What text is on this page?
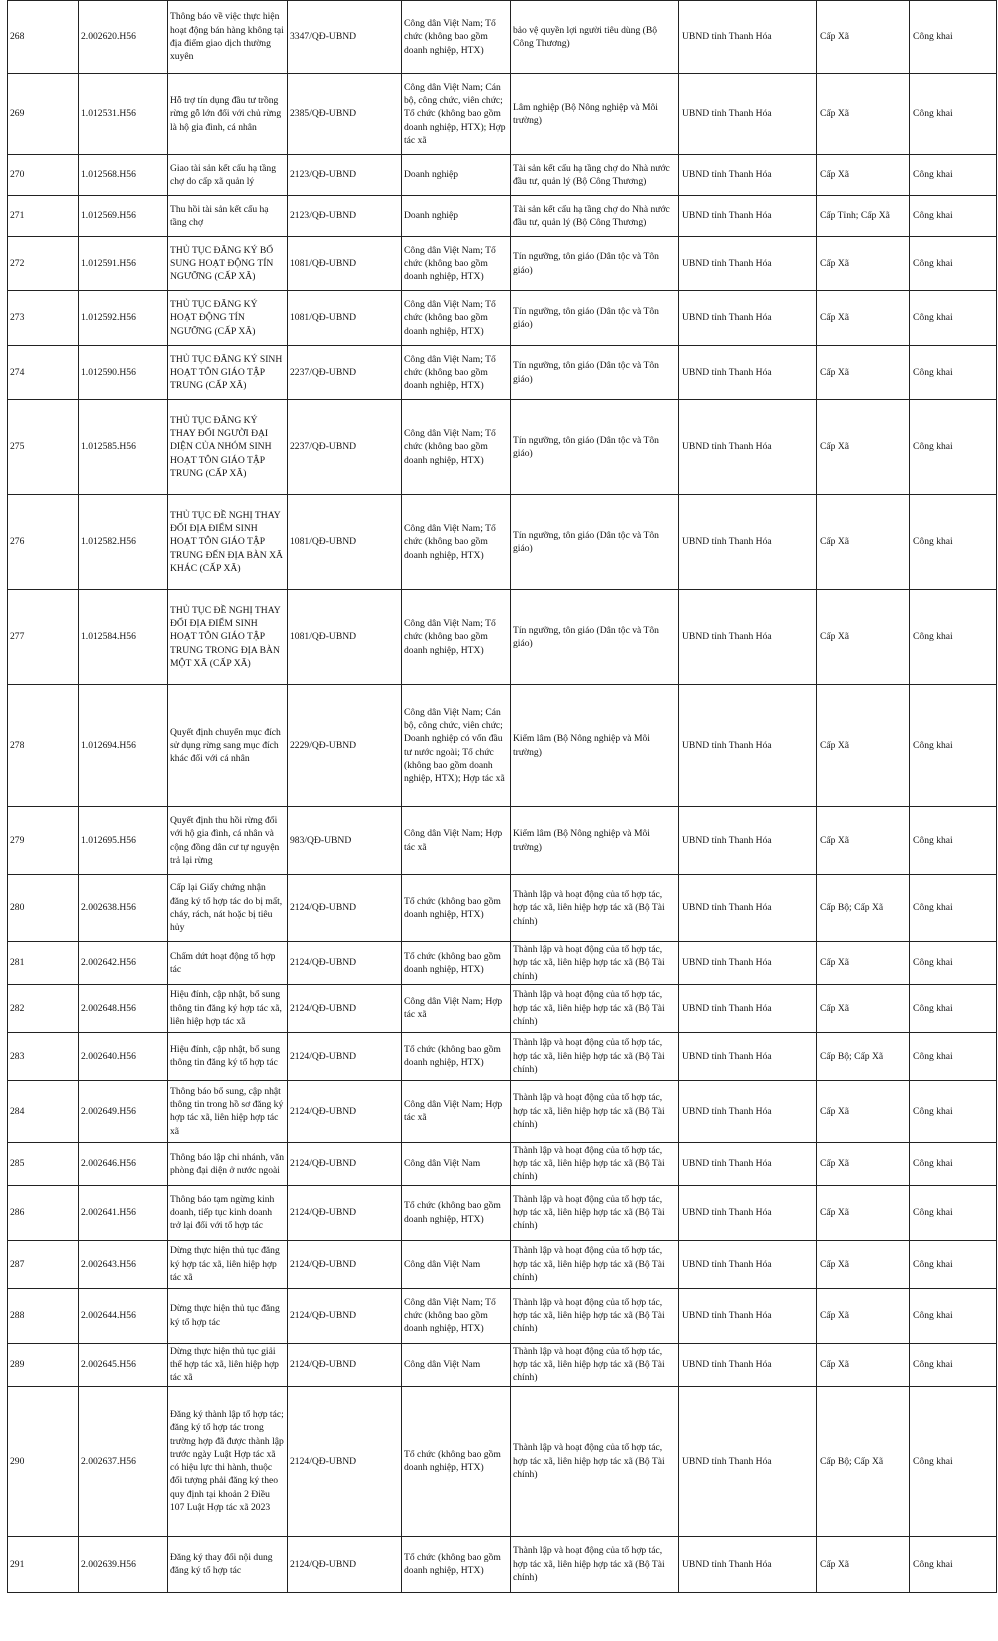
268	2.002620.H56	Thông báo về việc thực hiện hoạt động bán hàng không tại địa điểm giao dịch thường xuyên	3347/QĐ-UBND	Công dân Việt Nam; Tổ chức (không bao gồm doanh nghiệp, HTX)	bảo vệ quyền lợi người tiêu dùng (Bộ Công Thương)	UBND tỉnh Thanh Hóa	Cấp Xã	Công khai
269	1.012531.H56	Hỗ trợ tín dụng đầu tư trồng rừng gỗ lớn đối với chủ rừng là hộ gia đình, cá nhân	2385/QĐ-UBND	Công dân Việt Nam; Cán bộ, công chức, viên chức; Tổ chức (không bao gồm doanh nghiệp, HTX); Hợp tác xã	Lâm nghiệp (Bộ Nông nghiệp và Môi trường)	UBND tỉnh Thanh Hóa	Cấp Xã	Công khai
270	1.012568.H56	Giao tài sản kết cấu hạ tầng chợ do cấp xã quản lý	2123/QĐ-UBND	Doanh nghiệp	Tài sản kết cấu hạ tầng chợ do Nhà nước đầu tư, quản lý (Bộ Công Thương)	UBND tỉnh Thanh Hóa	Cấp Xã	Công khai
271	1.012569.H56	Thu hồi tài sản kết cấu hạ tầng chợ	2123/QĐ-UBND	Doanh nghiệp	Tài sản kết cấu hạ tầng chợ do Nhà nước đầu tư, quản lý (Bộ Công Thương)	UBND tỉnh Thanh Hóa	Cấp Tỉnh; Cấp Xã	Công khai
272	1.012591.H56	THỦ TỤC ĐĂNG KÝ BỔ SUNG HOẠT ĐỘNG TÍN NGƯỠNG (CẤP XÃ)	1081/QĐ-UBND	Công dân Việt Nam; Tổ chức (không bao gồm doanh nghiệp, HTX)	Tín ngưỡng, tôn giáo (Dân tộc và Tôn giáo)	UBND tỉnh Thanh Hóa	Cấp Xã	Công khai
273	1.012592.H56	THỦ TỤC ĐĂNG KÝ HOẠT ĐỘNG TÍN NGƯỠNG (CẤP XÃ)	1081/QĐ-UBND	Công dân Việt Nam; Tổ chức (không bao gồm doanh nghiệp, HTX)	Tín ngưỡng, tôn giáo (Dân tộc và Tôn giáo)	UBND tỉnh Thanh Hóa	Cấp Xã	Công khai
274	1.012590.H56	THỦ TỤC ĐĂNG KÝ SINH HOẠT TÔN GIÁO TẬP TRUNG (CẤP XÃ)	2237/QĐ-UBND	Công dân Việt Nam; Tổ chức (không bao gồm doanh nghiệp, HTX)	Tín ngưỡng, tôn giáo (Dân tộc và Tôn giáo)	UBND tỉnh Thanh Hóa	Cấp Xã	Công khai
275	1.012585.H56	THỦ TỤC ĐĂNG KÝ THAY ĐỔI NGƯỜI ĐẠI DIỆN CỦA NHÓM SINH HOẠT TÔN GIÁO TẬP TRUNG (CẤP XÃ)	2237/QĐ-UBND	Công dân Việt Nam; Tổ chức (không bao gồm doanh nghiệp, HTX)	Tín ngưỡng, tôn giáo (Dân tộc và Tôn giáo)	UBND tỉnh Thanh Hóa	Cấp Xã	Công khai
276	1.012582.H56	THỦ TỤC ĐỀ NGHỊ THAY ĐỔI ĐỊA ĐIỂM SINH HOẠT TÔN GIÁO TẬP TRUNG ĐẾN ĐỊA BÀN XÃ KHÁC (CẤP XÃ)	1081/QĐ-UBND	Công dân Việt Nam; Tổ chức (không bao gồm doanh nghiệp, HTX)	Tín ngưỡng, tôn giáo (Dân tộc và Tôn giáo)	UBND tỉnh Thanh Hóa	Cấp Xã	Công khai
277	1.012584.H56	THỦ TỤC ĐỀ NGHỊ THAY ĐỔI ĐỊA ĐIỂM SINH HOẠT TÔN GIÁO TẬP TRUNG TRONG ĐỊA BÀN MỘT XÃ (CẤP XÃ)	1081/QĐ-UBND	Công dân Việt Nam; Tổ chức (không bao gồm doanh nghiệp, HTX)	Tín ngưỡng, tôn giáo (Dân tộc và Tôn giáo)	UBND tỉnh Thanh Hóa	Cấp Xã	Công khai
278	1.012694.H56	Quyết định chuyển mục đích sử dụng rừng sang mục đích khác đối với cá nhân	2229/QĐ-UBND	Công dân Việt Nam; Cán bộ, công chức, viên chức; Doanh nghiệp có vốn đầu tư nước ngoài; Tổ chức (không bao gồm doanh nghiệp, HTX); Hợp tác xã	Kiểm lâm (Bộ Nông nghiệp và Môi trường)	UBND tỉnh Thanh Hóa	Cấp Xã	Công khai
279	1.012695.H56	Quyết định thu hồi rừng đối với hộ gia đình, cá nhân và cộng đồng dân cư tự nguyện trả lại rừng	983/QĐ-UBND	Công dân Việt Nam; Hợp tác xã	Kiểm lâm (Bộ Nông nghiệp và Môi trường)	UBND tỉnh Thanh Hóa	Cấp Xã	Công khai
280	2.002638.H56	Cấp lại Giấy chứng nhận đăng ký tổ hợp tác do bị mất, cháy, rách, nát hoặc bị tiêu hủy	2124/QĐ-UBND	Tổ chức (không bao gồm doanh nghiệp, HTX)	Thành lập và hoạt động của tổ hợp tác, hợp tác xã, liên hiệp hợp tác xã (Bộ Tài chính)	UBND tỉnh Thanh Hóa	Cấp Bộ; Cấp Xã	Công khai
281	2.002642.H56	Chấm dứt hoạt động tổ hợp tác	2124/QĐ-UBND	Tổ chức (không bao gồm doanh nghiệp, HTX)	Thành lập và hoạt động của tổ hợp tác, hợp tác xã, liên hiệp hợp tác xã (Bộ Tài chính)	UBND tỉnh Thanh Hóa	Cấp Xã	Công khai
282	2.002648.H56	Hiệu đính, cập nhật, bổ sung thông tin đăng ký hợp tác xã, liên hiệp hợp tác xã	2124/QĐ-UBND	Công dân Việt Nam; Hợp tác xã	Thành lập và hoạt động của tổ hợp tác, hợp tác xã, liên hiệp hợp tác xã (Bộ Tài chính)	UBND tỉnh Thanh Hóa	Cấp Xã	Công khai
283	2.002640.H56	Hiệu đính, cập nhật, bổ sung thông tin đăng ký tổ hợp tác	2124/QĐ-UBND	Tổ chức (không bao gồm doanh nghiệp, HTX)	Thành lập và hoạt động của tổ hợp tác, hợp tác xã, liên hiệp hợp tác xã (Bộ Tài chính)	UBND tỉnh Thanh Hóa	Cấp Bộ; Cấp Xã	Công khai
284	2.002649.H56	Thông báo bổ sung, cập nhật thông tin trong hồ sơ đăng ký hợp tác xã, liên hiệp hợp tác xã	2124/QĐ-UBND	Công dân Việt Nam; Hợp tác xã	Thành lập và hoạt động của tổ hợp tác, hợp tác xã, liên hiệp hợp tác xã (Bộ Tài chính)	UBND tỉnh Thanh Hóa	Cấp Xã	Công khai
285	2.002646.H56	Thông báo lập chi nhánh, văn phòng đại diện ở nước ngoài	2124/QĐ-UBND	Công dân Việt Nam	Thành lập và hoạt động của tổ hợp tác, hợp tác xã, liên hiệp hợp tác xã (Bộ Tài chính)	UBND tỉnh Thanh Hóa	Cấp Xã	Công khai
286	2.002641.H56	Thông báo tạm ngừng kinh doanh, tiếp tục kinh doanh trở lại đối với tổ hợp tác	2124/QĐ-UBND	Tổ chức (không bao gồm doanh nghiệp, HTX)	Thành lập và hoạt động của tổ hợp tác, hợp tác xã, liên hiệp hợp tác xã (Bộ Tài chính)	UBND tỉnh Thanh Hóa	Cấp Xã	Công khai
287	2.002643.H56	Dừng thực hiện thủ tục đăng ký hợp tác xã, liên hiệp hợp tác xã	2124/QĐ-UBND	Công dân Việt Nam	Thành lập và hoạt động của tổ hợp tác, hợp tác xã, liên hiệp hợp tác xã (Bộ Tài chính)	UBND tỉnh Thanh Hóa	Cấp Xã	Công khai
288	2.002644.H56	Dừng thực hiện thủ tục đăng ký tổ hợp tác	2124/QĐ-UBND	Công dân Việt Nam; Tổ chức (không bao gồm doanh nghiệp, HTX)	Thành lập và hoạt động của tổ hợp tác, hợp tác xã, liên hiệp hợp tác xã (Bộ Tài chính)	UBND tỉnh Thanh Hóa	Cấp Xã	Công khai
289	2.002645.H56	Dừng thực hiện thủ tục giải thể hợp tác xã, liên hiệp hợp tác xã	2124/QĐ-UBND	Công dân Việt Nam	Thành lập và hoạt động của tổ hợp tác, hợp tác xã, liên hiệp hợp tác xã (Bộ Tài chính)	UBND tỉnh Thanh Hóa	Cấp Xã	Công khai
290	2.002637.H56	Đăng ký thành lập tổ hợp tác; đăng ký tổ hợp tác trong trường hợp đã được thành lập trước ngày Luật Hợp tác xã có hiệu lực thi hành, thuộc đối tượng phải đăng ký theo quy định tại khoản 2 Điều 107 Luật Hợp tác xã 2023	2124/QĐ-UBND	Tổ chức (không bao gồm doanh nghiệp, HTX)	Thành lập và hoạt động của tổ hợp tác, hợp tác xã, liên hiệp hợp tác xã (Bộ Tài chính)	UBND tỉnh Thanh Hóa	Cấp Bộ; Cấp Xã	Công khai
291	2.002639.H56	Đăng ký thay đổi nội dung đăng ký tổ hợp tác	2124/QĐ-UBND	Tổ chức (không bao gồm doanh nghiệp, HTX)	Thành lập và hoạt động của tổ hợp tác, hợp tác xã, liên hiệp hợp tác xã (Bộ Tài chính)	UBND tỉnh Thanh Hóa	Cấp Xã	Công khai
